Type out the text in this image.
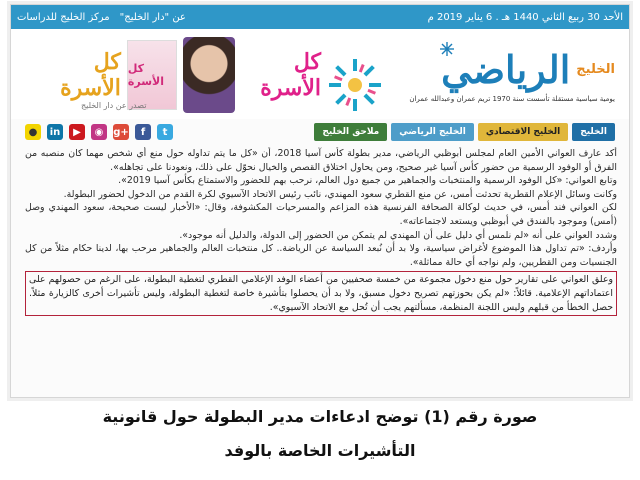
الأحد 30 ربيع الثاني 1440 هـ . 6 يناير 2019 م
عن "دار الخليج"
مركز الخليج للدراسات
الرياضي الخليج
يومية سياسية مستقلة تأسست سنة 1970 تريم عمران وعبدالله عمران
كل الأسرة
كل الأسرة
كل الأسرة
تصدر عن دار الخليج
الخليج
الخليج الاقتصادي
الخليج الرياضي
ملاحق الخليج
●	in	▶	◉ g+	f	t

أكد عارف العواني الأمين العام لمجلس أبوظبي الرياضي، مدير بطولة كأس آسيا 2018، أن «كل ما يتم تداوله حول منع أي شخص مهما كان منصبه من الفرق أو الوفود الرسمية من حضور كأس آسيا غير صحيح، ومن يحاول اختلاق القصص والخيال نحوّل على ذلك، ونعودنا على تجاهله».

وتابع العواني: «كل الوفود الرسمية والمنتخبات والجماهير من جميع دول العالم، نرحب بهم للحضور والاستمتاع بكأس آسيا 2019».

وكانت وسائل الإعلام القطرية تحدثت أمس، عن منع القطري سعود المهندي، نائب رئيس الاتحاد الآسيوي لكرة القدم من الدخول لحضور البطولة.

لكن العواني فند أمس، في حديث لوكالة الصحافة الفرنسية هذه المزاعم والمسرحيات المكشوفة، وقال: «الأخبار ليست صحيحة، سعود المهندي وصل (أمس) وموجود بالفندق في أبوظبي ويستعد لاجتماعاته».

وشدد العواني على أنه «لم نلمس أي دليل على أن المهندي لم يتمكن من الحضور إلى الدولة، والدليل أنه موجود».

وأردف: «تم تداول هذا الموضوع لأغراض سياسية، ولا بد أن نُبعد السياسة عن الرياضة.. كل منتخبات العالم والجماهير مرحب بها، لدينا حكام مثلاً من كل الجنسيات ومن القطريين، ولم نواجه أي حالة مماثلة».

وعلق العواني على تقارير حول منع دخول مجموعة من خمسة صحفيين من أعضاء الوفد الإعلامي القطري لتغطية البطولة، على الرغم من حصولهم على اعتماداتهم الإعلامية. قائلاً: «لم يكن بحوزتهم تصريح دخول مسبق، ولا بد أن يحصلوا بتأشيرة خاصة لتغطية البطولة، وليس تأشيرات أخرى كالزيارة مثلاً. حصل الخطأ من قبلهم وليس اللجنة المنظمة، مسألتهم يجب أن تُحل مع الاتحاد الآسيوي».

صورة رقم (1) توضح ادعاءات مدير البطولة حول قانونية
التأشيرات الخاصة بالوفد
